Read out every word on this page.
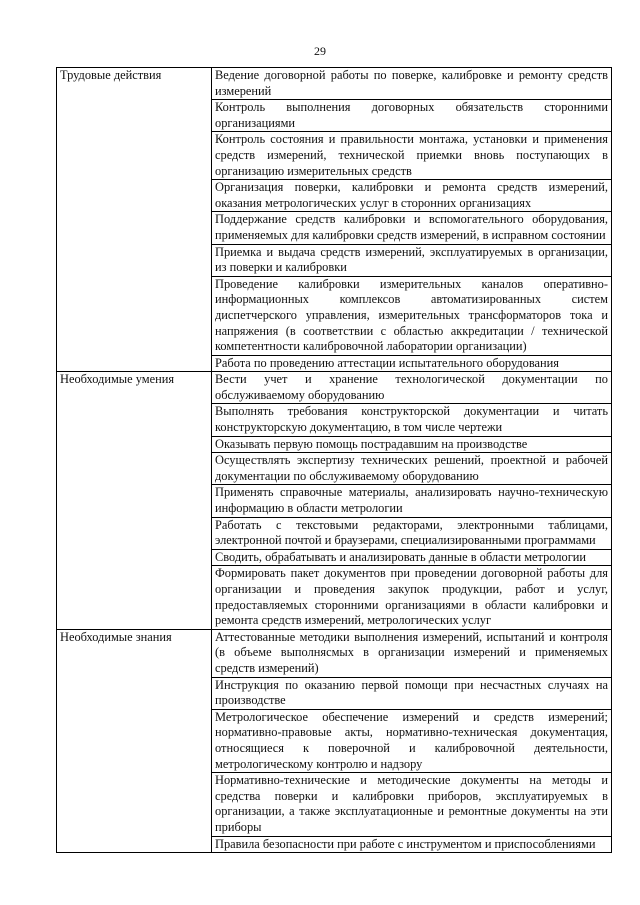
29
Трудовые действия	Ведение договорной работы по поверке, калибровке и ремонту средств измерений
	Контроль выполнения договорных обязательств сторонними организациями
	Контроль состояния и правильности монтажа, установки и применения средств измерений, технической приемки вновь поступающих в организацию измерительных средств
	Организация поверки, калибровки и ремонта средств измерений, оказания метрологических услуг в сторонних организациях
	Поддержание средств калибровки и вспомогательного оборудования, применяемых для калибровки средств измерений, в исправном состоянии
	Приемка и выдача средств измерений, эксплуатируемых в организации, из поверки и калибровки
	Проведение калибровки измерительных каналов оперативно-информационных комплексов автоматизированных систем диспетчерского управления, измерительных трансформаторов тока и напряжения (в соответствии с областью аккредитации / технической компетентности калибровочной лаборатории организации)
	Работа по проведению аттестации испытательного оборудования
Необходимые умения	Вести учет и хранение технологической документации по обслуживаемому оборудованию
	Выполнять требования конструкторской документации и читать конструкторскую документацию, в том числе чертежи
	Оказывать первую помощь пострадавшим на производстве
	Осуществлять экспертизу технических решений, проектной и рабочей документации по обслуживаемому оборудованию
	Применять справочные материалы, анализировать научно-техническую информацию в области метрологии
	Работать с текстовыми редакторами, электронными таблицами, электронной почтой и браузерами, специализированными программами
	Сводить, обрабатывать и анализировать данные в области метрологии
	Формировать пакет документов при проведении договорной работы для организации и проведения закупок продукции, работ и услуг, предоставляемых сторонними организациями в области калибровки и ремонта средств измерений, метрологических услуг
Необходимые знания	Аттестованные методики выполнения измерений, испытаний и контроля (в объеме выполнясмых в организации измерений и применяемых средств измерений)
	Инструкция по оказанию первой помощи при несчастных случаях на производстве
	Метрологическое обеспечение измерений и средств измерений; нормативно-правовые акты, нормативно-техническая документация, относящиеся к поверочной и калибровочной деятельности, метрологическому контролю и надзору
	Нормативно-технические и методические документы на методы и средства поверки и калибровки приборов, эксплуатируемых в организации, а также эксплуатационные и ремонтные документы на эти приборы
	Правила безопасности при работе с инструментом и приспособлениями
